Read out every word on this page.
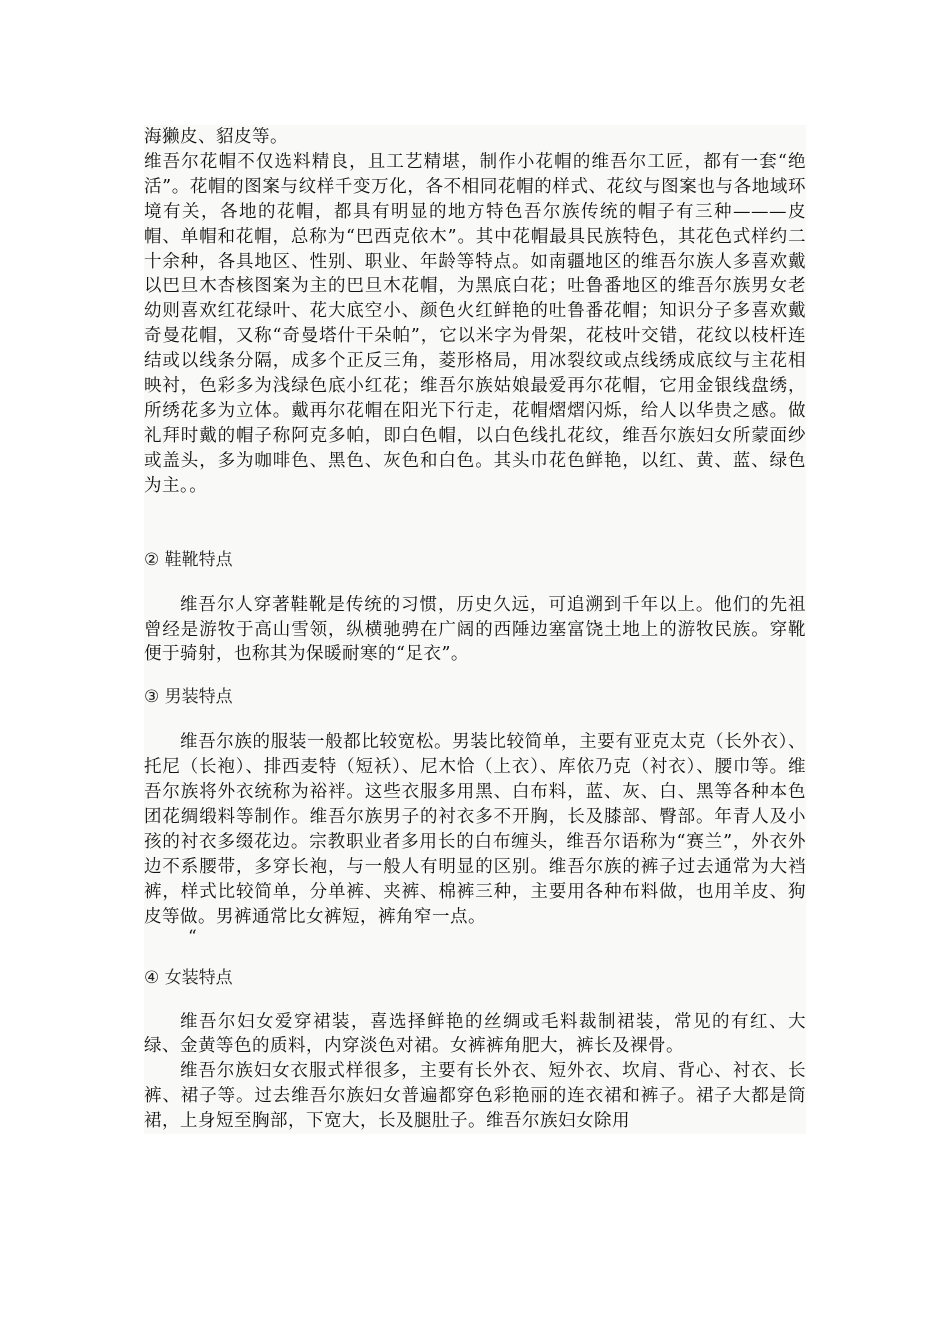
海獭皮、貂皮等。

维吾尔花帽不仅选料精良，且工艺精堪，制作小花帽的维吾尔工匠，都有一套“绝活”。花帽的图案与纹样千变万化，各不相同花帽的样式、花纹与图案也与各地域环境有关，各地的花帽，都具有明显的地方特色吾尔族传统的帽子有三种———皮帽、单帽和花帽，总称为“巴西克依木”。其中花帽最具民族特色，其花色式样约二十余种，各具地区、性别、职业、年龄等特点。如南疆地区的维吾尔族人多喜欢戴以巴旦木杏核图案为主的巴旦木花帽，为黑底白花；吐鲁番地区的维吾尔族男女老幼则喜欢红花绿叶、花大底空小、颜色火红鲜艳的吐鲁番花帽；知识分子多喜欢戴奇曼花帽，又称“奇曼塔什干朵帕”，它以米字为骨架，花枝叶交错，花纹以枝杆连结或以线条分隔，成多个正反三角，菱形格局，用冰裂纹或点线绣成底纹与主花相映衬，色彩多为浅绿色底小红花；维吾尔族姑娘最爱再尔花帽，它用金银线盘绣，所绣花多为立体。戴再尔花帽在阳光下行走，花帽熠熠闪烁，给人以华贵之感。做礼拜时戴的帽子称阿克多帕，即白色帽，以白色线扎花纹，维吾尔族妇女所蒙面纱或盖头，多为咖啡色、黑色、灰色和白色。其头巾花色鲜艳，以红、黄、蓝、绿色为主。。

② 鞋靴特点

维吾尔人穿著鞋靴是传统的习惯，历史久远，可追溯到千年以上。他们的先祖曾经是游牧于高山雪领，纵横驰骋在广阔的西陲边塞富饶土地上的游牧民族。穿靴便于骑射，也称其为保暖耐寒的“足衣”。

③ 男装特点

维吾尔族的服装一般都比较宽松。男装比较简单，主要有亚克太克（长外衣）、托尼（长袍）、排西麦特（短袄）、尼木恰（上衣）、库依乃克（衬衣）、腰巾等。维吾尔族将外衣统称为裕袢。这些衣服多用黑、白布料，蓝、灰、白、黑等各种本色团花绸缎料等制作。维吾尔族男子的衬衣多不开胸，长及膝部、臀部。年青人及小孩的衬衣多缀花边。宗教职业者多用长的白布缠头，维吾尔语称为“赛兰”，外衣外边不系腰带，多穿长袍，与一般人有明显的区别。维吾尔族的裤子过去通常为大裆裤，样式比较简单，分单裤、夹裤、棉裤三种，主要用各种布料做，也用羊皮、狗皮等做。男裤通常比女裤短，裤角窄一点。

“

④ 女装特点

维吾尔妇女爱穿裙装，喜选择鲜艳的丝绸或毛料裁制裙装，常见的有红、大绿、金黄等色的质料，内穿淡色对裙。女裤裤角肥大，裤长及裸骨。

维吾尔族妇女衣服式样很多，主要有长外衣、短外衣、坎肩、背心、衬衣、长裤、裙子等。过去维吾尔族妇女普遍都穿色彩艳丽的连衣裙和裤子。裙子大都是筒裙，上身短至胸部，下宽大，长及腿肚子。维吾尔族妇女除用
